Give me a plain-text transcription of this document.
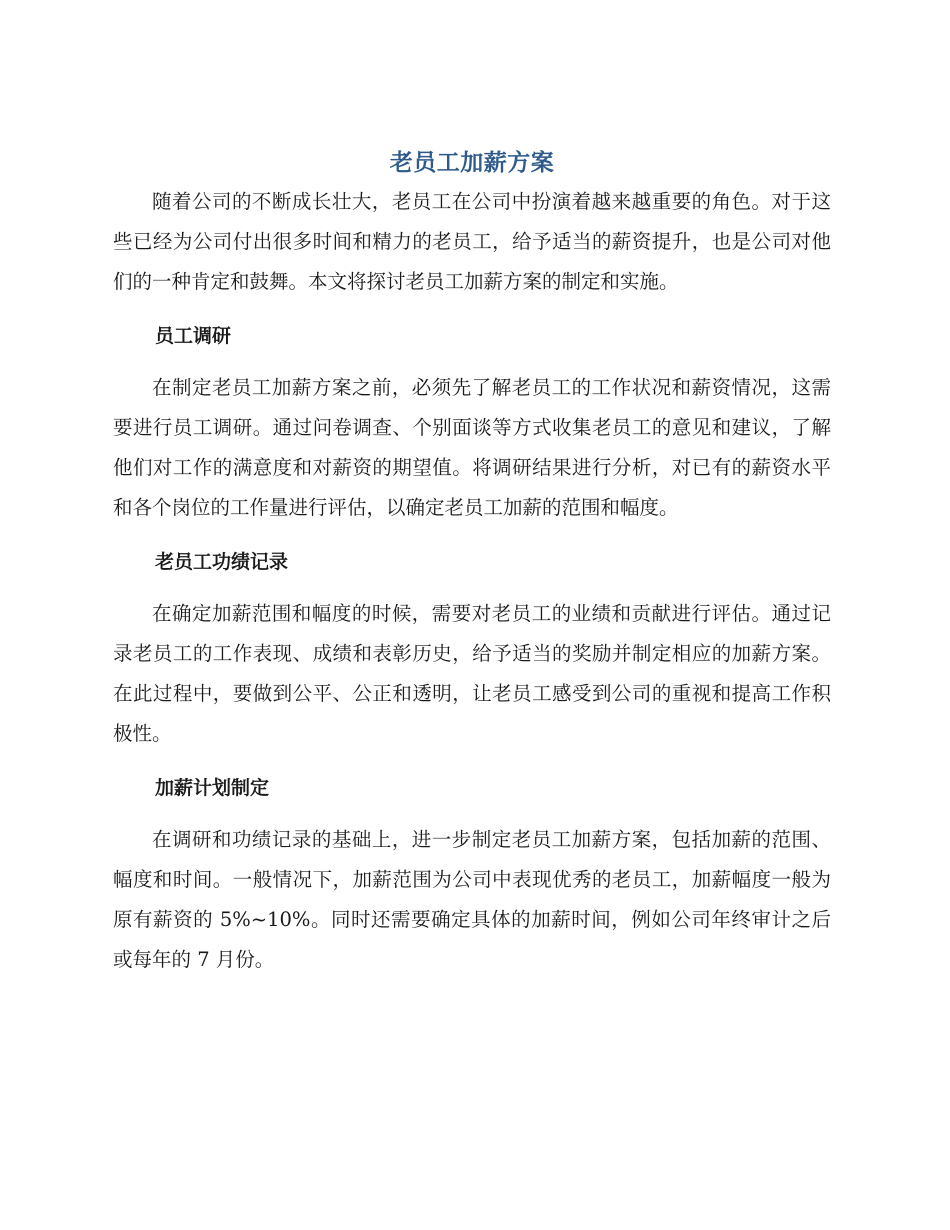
老员工加薪方案

随着公司的不断成长壮大，老员工在公司中扮演着越来越重要的角色。对于这些已经为公司付出很多时间和精力的老员工，给予适当的薪资提升，也是公司对他们的一种肯定和鼓舞。本文将探讨老员工加薪方案的制定和实施。

员工调研

在制定老员工加薪方案之前，必须先了解老员工的工作状况和薪资情况，这需要进行员工调研。通过问卷调查、个别面谈等方式收集老员工的意见和建议，了解他们对工作的满意度和对薪资的期望值。将调研结果进行分析，对已有的薪资水平和各个岗位的工作量进行评估，以确定老员工加薪的范围和幅度。

老员工功绩记录

在确定加薪范围和幅度的时候，需要对老员工的业绩和贡献进行评估。通过记录老员工的工作表现、成绩和表彰历史，给予适当的奖励并制定相应的加薪方案。在此过程中，要做到公平、公正和透明，让老员工感受到公司的重视和提高工作积极性。

加薪计划制定

在调研和功绩记录的基础上，进一步制定老员工加薪方案，包括加薪的范围、幅度和时间。一般情况下，加薪范围为公司中表现优秀的老员工，加薪幅度一般为原有薪资的 5%~10%。同时还需要确定具体的加薪时间，例如公司年终审计之后或每年的 7 月份。
